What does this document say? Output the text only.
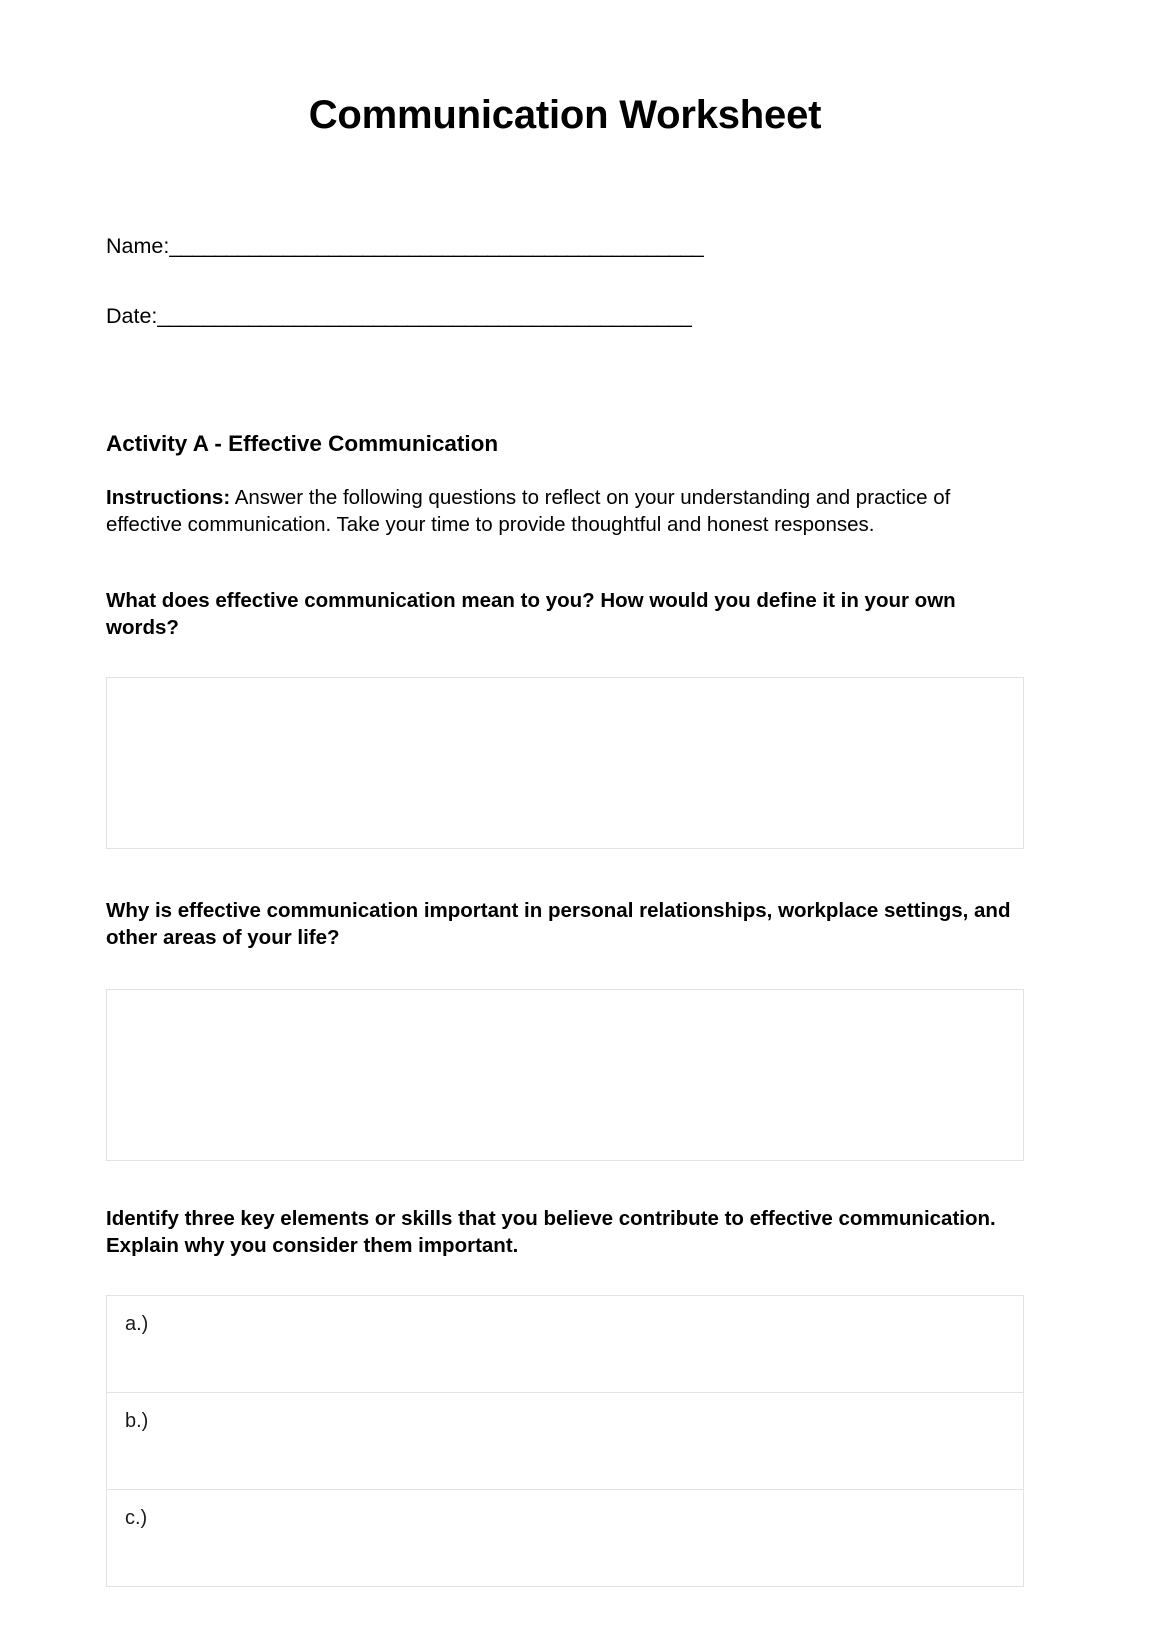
Communication Worksheet
Name:_______________________________________________
Date:_______________________________________________
Activity A - Effective Communication

Instructions: Answer the following questions to reflect on your understanding and practice of effective communication. Take your time to provide thoughtful and honest responses.

What does effective communication mean to you? How would you define it in your own words?

Why is effective communication important in personal relationships, workplace settings, and other areas of your life?

Identify three key elements or skills that you believe contribute to effective communication. Explain why you consider them important.

a.)
b.)
c.)
